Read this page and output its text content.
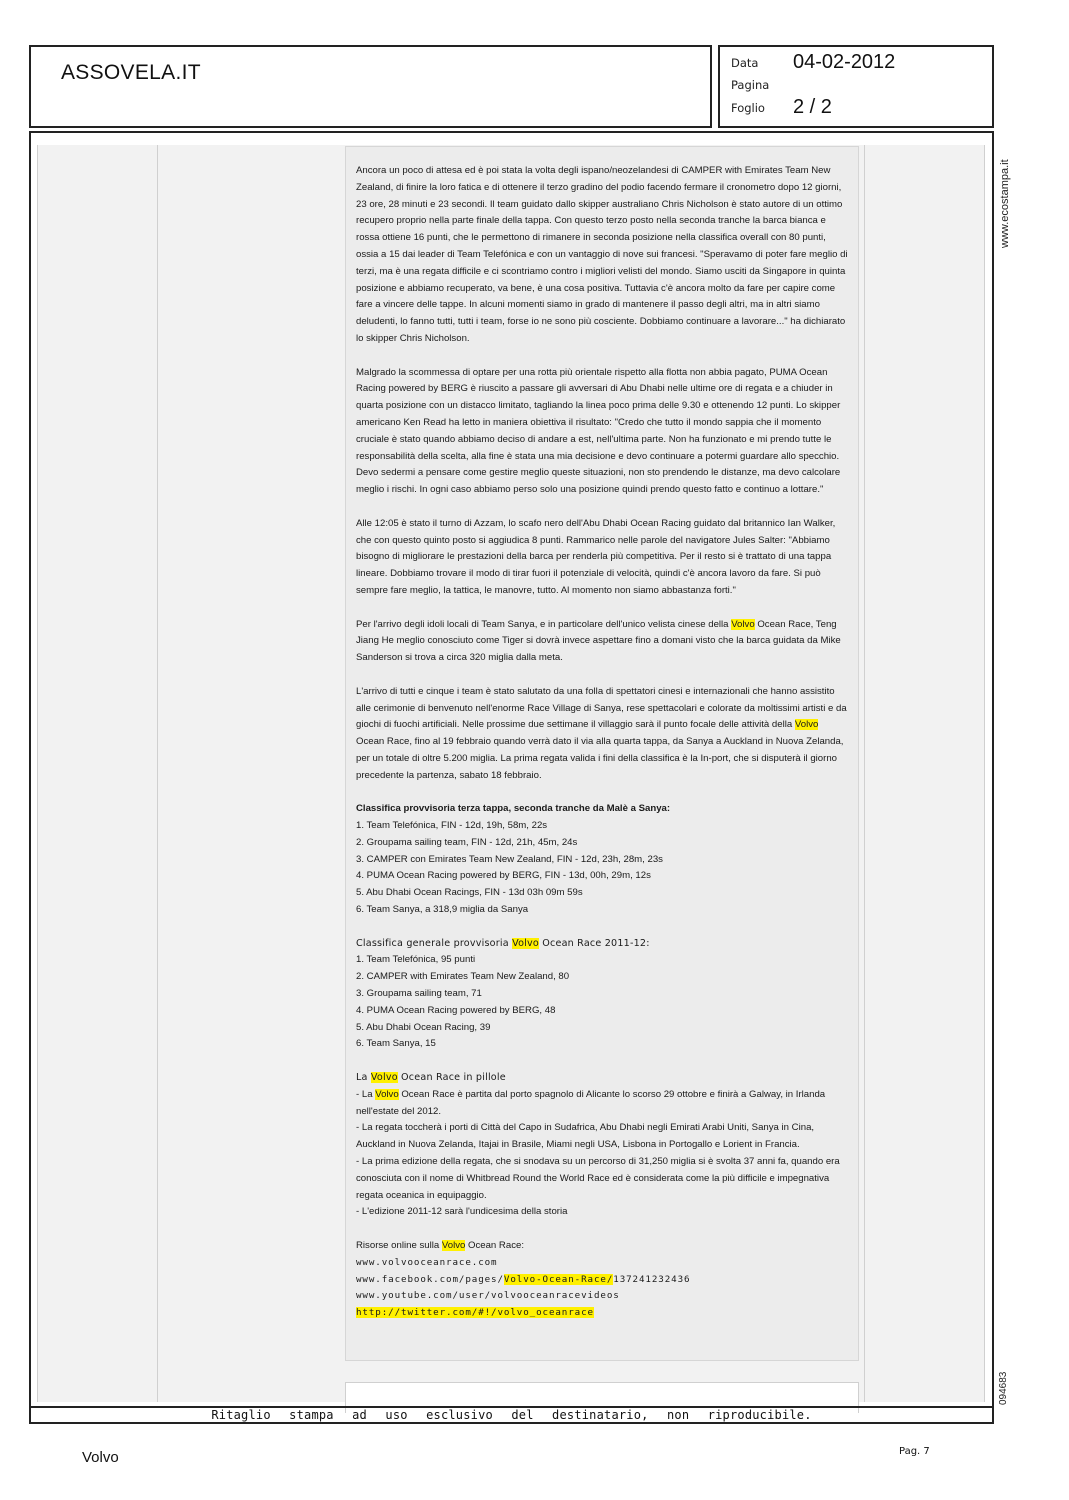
ASSOVELA.IT	Data 04-02-2012
Pagina
Foglio 2 / 2

Ancora un poco di attesa ed è poi stata la volta degli ispano/neozelandesi di CAMPER with Emirates Team New Zealand, di finire la loro fatica e di ottenere il terzo gradino del podio facendo fermare il cronometro dopo 12 giorni, 23 ore, 28 minuti e 23 secondi. Il team guidato dallo skipper australiano Chris Nicholson è stato autore di un ottimo recupero proprio nella parte finale della tappa. Con questo terzo posto nella seconda tranche la barca bianca e rossa ottiene 16 punti, che le permettono di rimanere in seconda posizione nella classifica overall con 80 punti, ossia a 15 dai leader di Team Telefónica e con un vantaggio di nove sui francesi. "Speravamo di poter fare meglio di terzi, ma è una regata difficile e ci scontriamo contro i migliori velisti del mondo. Siamo usciti da Singapore in quinta posizione e abbiamo recuperato, va bene, è una cosa positiva. Tuttavia c'è ancora molto da fare per capire come fare a vincere delle tappe. In alcuni momenti siamo in grado di mantenere il passo degli altri, ma in altri siamo deludenti, lo fanno tutti, tutti i team, forse io ne sono più cosciente. Dobbiamo continuare a lavorare..." ha dichiarato lo skipper Chris Nicholson.

Malgrado la scommessa di optare per una rotta più orientale rispetto alla flotta non abbia pagato, PUMA Ocean Racing powered by BERG è riuscito a passare gli avversari di Abu Dhabi nelle ultime ore di regata e a chiuder in quarta posizione con un distacco limitato, tagliando la linea poco prima delle 9.30 e ottenendo 12 punti. Lo skipper americano Ken Read ha letto in maniera obiettiva il risultato: "Credo che tutto il mondo sappia che il momento cruciale è stato quando abbiamo deciso di andare a est, nell'ultima parte. Non ha funzionato e mi prendo tutte le responsabilità della scelta, alla fine è stata una mia decisione e devo continuare a potermi guardare allo specchio. Devo sedermi a pensare come gestire meglio queste situazioni, non sto prendendo le distanze, ma devo calcolare meglio i rischi. In ogni caso abbiamo perso solo una posizione quindi prendo questo fatto e continuo a lottare."

Alle 12:05 è stato il turno di Azzam, lo scafo nero dell'Abu Dhabi Ocean Racing guidato dal britannico Ian Walker, che con questo quinto posto si aggiudica 8 punti. Rammarico nelle parole del navigatore Jules Salter: "Abbiamo bisogno di migliorare le prestazioni della barca per renderla più competitiva. Per il resto si è trattato di una tappa lineare. Dobbiamo trovare il modo di tirar fuori il potenziale di velocità, quindi c'è ancora lavoro da fare. Si può sempre fare meglio, la tattica, le manovre, tutto. Al momento non siamo abbastanza forti."

Per l'arrivo degli idoli locali di Team Sanya, e in particolare dell'unico velista cinese della Volvo Ocean Race, Teng Jiang He meglio conosciuto come Tiger si dovrà invece aspettare fino a domani visto che la barca guidata da Mike Sanderson si trova a circa 320 miglia dalla meta.

L'arrivo di tutti e cinque i team è stato salutato da una folla di spettatori cinesi e internazionali che hanno assistito alle cerimonie di benvenuto nell'enorme Race Village di Sanya, rese spettacolari e colorate da moltissimi artisti e da giochi di fuochi artificiali. Nelle prossime due settimane il villaggio sarà il punto focale delle attività della Volvo Ocean Race, fino al 19 febbraio quando verrà dato il via alla quarta tappa, da Sanya a Auckland in Nuova Zelanda, per un totale di oltre 5.200 miglia. La prima regata valida i fini della classifica è la In-port, che si disputerà il giorno precedente la partenza, sabato 18 febbraio.

Classifica provvisoria terza tappa, seconda tranche da Malè a Sanya:
1. Team Telefónica, FIN - 12d, 19h, 58m, 22s
2. Groupama sailing team, FIN - 12d, 21h, 45m, 24s
3. CAMPER con Emirates Team New Zealand, FIN - 12d, 23h, 28m, 23s
4. PUMA Ocean Racing powered by BERG, FIN - 13d, 00h, 29m, 12s
5. Abu Dhabi Ocean Racings, FIN - 13d 03h 09m 59s
6. Team Sanya, a 318,9 miglia da Sanya

Classifica generale provvisoria Volvo Ocean Race 2011-12:
1. Team Telefónica, 95 punti
2. CAMPER with Emirates Team New Zealand, 80
3. Groupama sailing team, 71
4. PUMA Ocean Racing powered by BERG, 48
5. Abu Dhabi Ocean Racing, 39
6. Team Sanya, 15

La Volvo Ocean Race in pillole
- La Volvo Ocean Race è partita dal porto spagnolo di Alicante lo scorso 29 ottobre e finirà a Galway, in Irlanda nell'estate del 2012.
- La regata toccherà i porti di Città del Capo in Sudafrica, Abu Dhabi negli Emirati Arabi Uniti, Sanya in Cina, Auckland in Nuova Zelanda, Itajai in Brasile, Miami negli USA, Lisbona in Portogallo e Lorient in Francia.
- La prima edizione della regata, che si snodava su un percorso di 31,250 miglia si è svolta 37 anni fa, quando era conosciuta con il nome di Whitbread Round the World Race ed è considerata come la più difficile e impegnativa regata oceanica in equipaggio.
- L'edizione 2011-12 sarà l'undicesima della storia

Risorse online sulla Volvo Ocean Race:
www.volvooceanrace.com
www.facebook.com/pages/Volvo-Ocean-Race/137241232436
www.youtube.com/user/volvooceanracevideos
http://twitter.com/#!/volvo_oceanrace

Ritaglio stampa ad uso esclusivo del destinatario, non riproducibile.
www.ecostampa.it
094683
Volvo	Pag. 7
